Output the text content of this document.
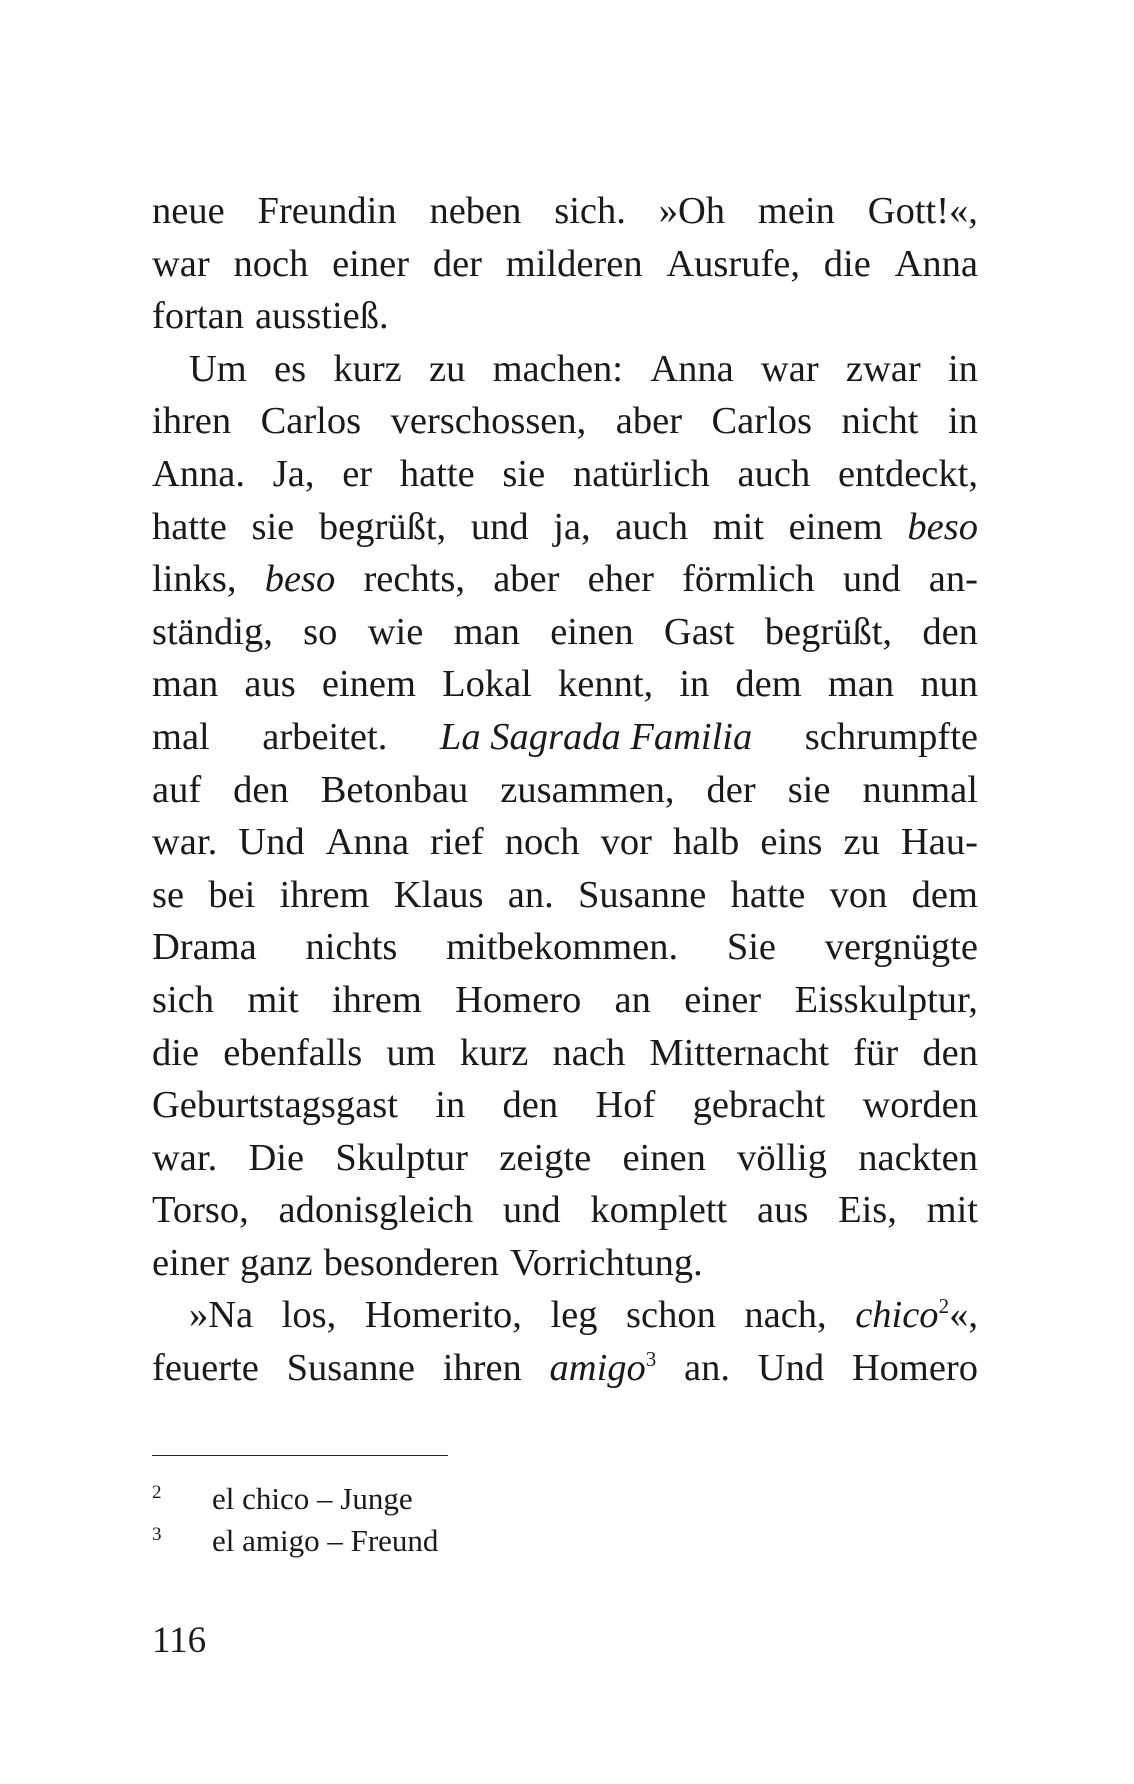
neue Freundin neben sich. »Oh mein Gott!«,
war noch einer der milderen Ausrufe, die Anna
fortan ausstieß.
Um es kurz zu machen: Anna war zwar in
ihren Carlos verschossen, aber Carlos nicht in
Anna. Ja, er hatte sie natürlich auch entdeckt,
hatte sie begrüßt, und ja, auch mit einem beso
links, beso rechts, aber eher förmlich und an-
ständig, so wie man einen Gast begrüßt, den
man aus einem Lokal kennt, in dem man nun
mal arbeitet. La Sagrada Familia schrumpfte
auf den Betonbau zusammen, der sie nunmal
war. Und Anna rief noch vor halb eins zu Hau-
se bei ihrem Klaus an. Susanne hatte von dem
Drama nichts mitbekommen. Sie vergnügte
sich mit ihrem Homero an einer Eisskulptur,
die ebenfalls um kurz nach Mitternacht für den
Geburtstagsgast in den Hof gebracht worden
war. Die Skulptur zeigte einen völlig nackten
Torso, adonisgleich und komplett aus Eis, mit
einer ganz besonderen Vorrichtung.
»Na los, Homerito, leg schon nach, chico$^2$«,
feuerte Susanne ihren amigo$^3$ an. Und Homero

2

el chico – Junge

3

el amigo – Freund

116
